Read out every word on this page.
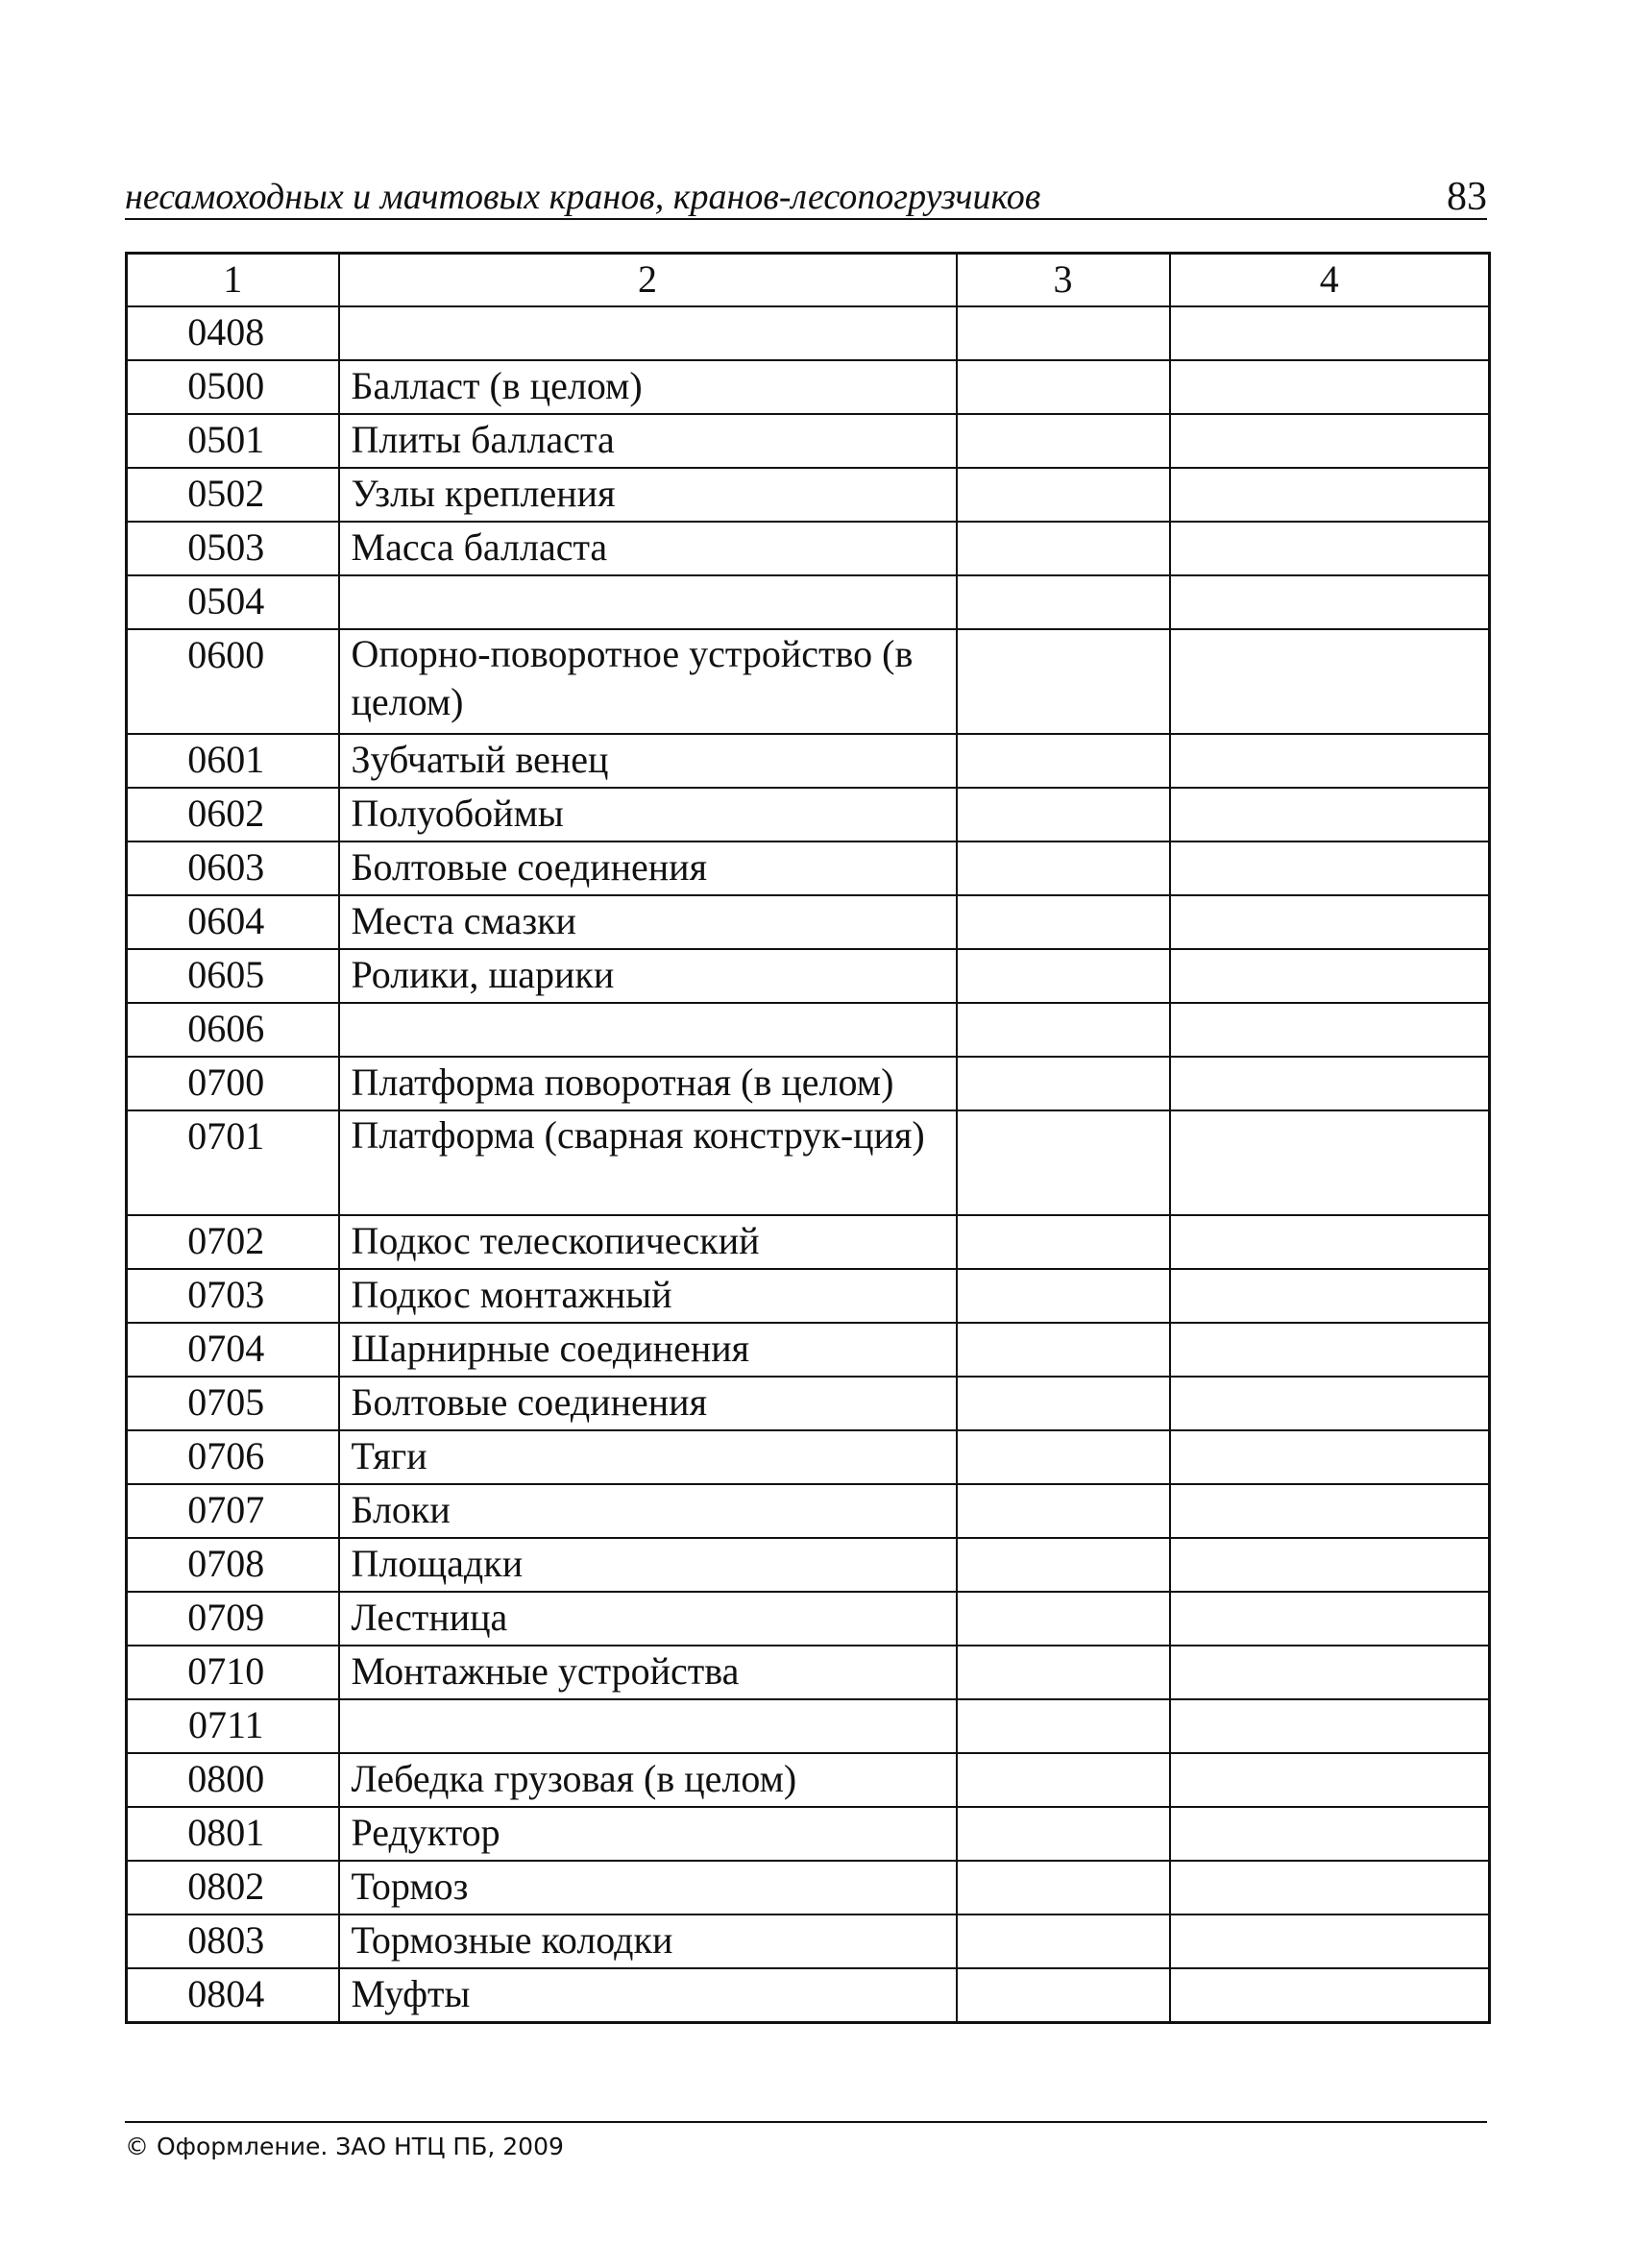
несамоходных и мачтовых кранов, кранов-лесопогрузчиков	83
1	2	3	4
0408			
0500	Балласт (в целом)		
0501	Плиты балласта		
0502	Узлы крепления		
0503	Масса балласта		
0504			
0600	Опорно-поворотное устройство (в целом)		
0601	Зубчатый венец		
0602	Полуобоймы		
0603	Болтовые соединения		
0604	Места смазки		
0605	Ролики, шарики		
0606			
0700	Платформа поворотная (в целом)		
0701	Платформа (сварная конструк-ция)		
0702	Подкос телескопический		
0703	Подкос монтажный		
0704	Шарнирные соединения		
0705	Болтовые соединения		
0706	Тяги		
0707	Блоки		
0708	Площадки		
0709	Лестница		
0710	Монтажные устройства		
0711			
0800	Лебедка грузовая (в целом)		
0801	Редуктор		
0802	Тормоз		
0803	Тормозные колодки		
0804	Муфты		
© Оформление. ЗАО НТЦ ПБ, 2009
